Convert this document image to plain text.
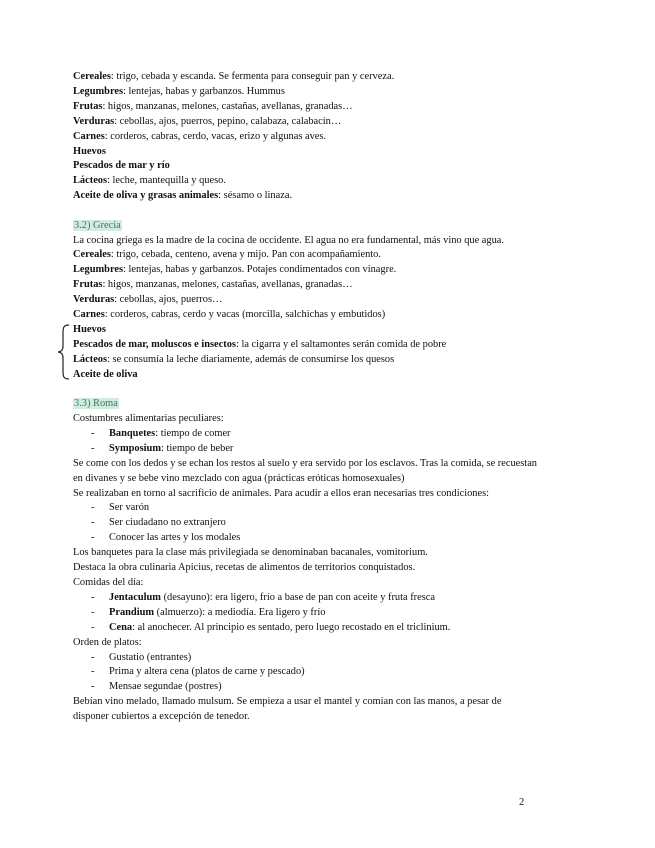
Cereales: trigo, cebada y escanda. Se fermenta para conseguir pan y cerveza.
Legumbres: lentejas, habas y garbanzos. Hummus
Frutas: higos, manzanas, melones, castañas, avellanas, granadas…
Verduras: cebollas, ajos, puerros, pepino, calabaza, calabacín…
Carnes: corderos, cabras, cerdo, vacas, erizo y algunas aves.
Huevos
Pescados de mar y río
Lácteos: leche, mantequilla y queso.
Aceite de oliva y grasas animales: sésamo o linaza.
3.2) Grecia
La cocina griega es la madre de la cocina de occidente. El agua no era fundamental, más vino que agua.
Cereales: trigo, cebada, centeno, avena y mijo. Pan con acompañamiento.
Legumbres: lentejas, habas y garbanzos. Potajes condimentados con vinagre.
Frutas: higos, manzanas, melones, castañas, avellanas, granadas…
Verduras: cebollas, ajos, puerros…
Carnes: corderos, cabras, cerdo y vacas (morcilla, salchichas y embutidos)
Huevos
Pescados de mar, moluscos e insectos: la cigarra y el saltamontes serán comida de pobre
Lácteos: se consumía la leche diariamente, además de consumirse los quesos
Aceite de oliva
3.3) Roma
Costumbres alimentarias peculiares:
- Banquetes: tiempo de comer
- Symposium: tiempo de beber
Se come con los dedos y se echan los restos al suelo y era servido por los esclavos. Tras la comida, se recuestan en divanes y se bebe vino mezclado con agua (prácticas eróticas homosexuales)
Se realizaban en torno al sacrificio de animales. Para acudir a ellos eran necesarias tres condiciones:
- Ser varón
- Ser ciudadano no extranjero
- Conocer las artes y los modales
Los banquetes para la clase más privilegiada se denominaban bacanales, vomitorium.
Destaca la obra culinaria Apicius, recetas de alimentos de territorios conquistados.
Comidas del día:
- Jentaculum (desayuno): era ligero, frío a base de pan con aceite y fruta fresca
- Prandium (almuerzo): a mediodía. Era ligero y frío
- Cena: al anochecer. Al principio es sentado, pero luego recostado en el triclinium.
Orden de platos:
- Gustatio (entrantes)
- Prima y altera cena (platos de carne y pescado)
- Mensae segundae (postres)
Bebían vino melado, llamado mulsum. Se empieza a usar el mantel y comían con las manos, a pesar de disponer cubiertos a excepción de tenedor.
2
